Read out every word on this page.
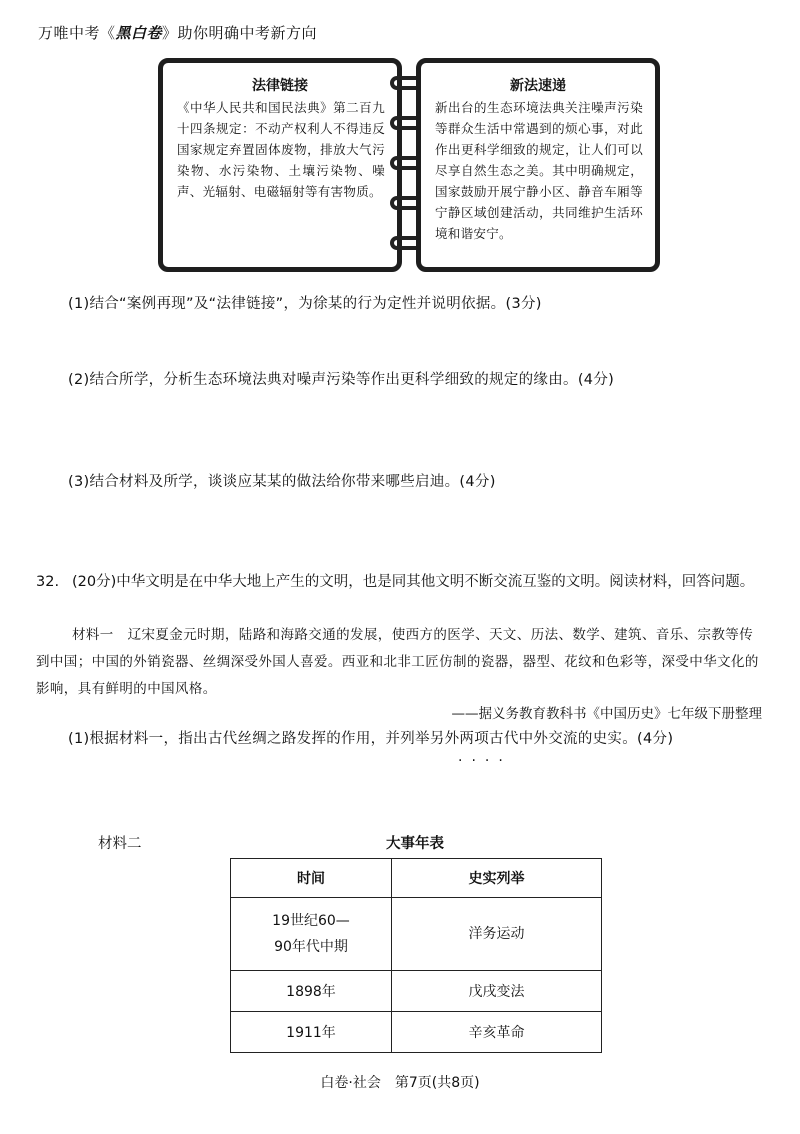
万唯中考《黑白卷》助你明确中考新方向
法律链接
《中华人民共和国民法典》第二百九十四条规定：不动产权利人不得违反国家规定弃置固体废物，排放大气污染物、水污染物、土壤污染物、噪声、光辐射、电磁辐射等有害物质。
新法速递
新出台的生态环境法典关注噪声污染等群众生活中常遇到的烦心事，对此作出更科学细致的规定，让人们可以尽享自然生态之美。其中明确规定，国家鼓励开展宁静小区、静音车厢等宁静区域创建活动，共同维护生活环境和谐安宁。
(1)结合“案例再现”及“法律链接”，为徐某的行为定性并说明依据。(3分)
(2)结合所学，分析生态环境法典对噪声污染等作出更科学细致的规定的缘由。(4分)
(3)结合材料及所学，谈谈应某某的做法给你带来哪些启迪。(4分)
32. (20分)中华文明是在中华大地上产生的文明，也是同其他文明不断交流互鉴的文明。阅读材料，回答问题。
材料一　辽宋夏金元时期，陆路和海路交通的发展，使西方的医学、天文、历法、数学、建筑、音乐、宗教等传到中国；中国的外销瓷器、丝绸深受外国人喜爱。西亚和北非工匠仿制的瓷器，器型、花纹和色彩等，深受中华文化的影响，具有鲜明的中国风格。
——据义务教育教科书《中国历史》七年级下册整理
(1)根据材料一，指出古代丝绸之路发挥的作用，并列举另外两项古代中外交流的史实。(4分)
····
材料二	大事年表
时间	史实列举
19世纪60—
90年代中期	洋务运动
1898年	戊戌变法
1911年	辛亥革命
白卷·社会　第7页(共8页)
